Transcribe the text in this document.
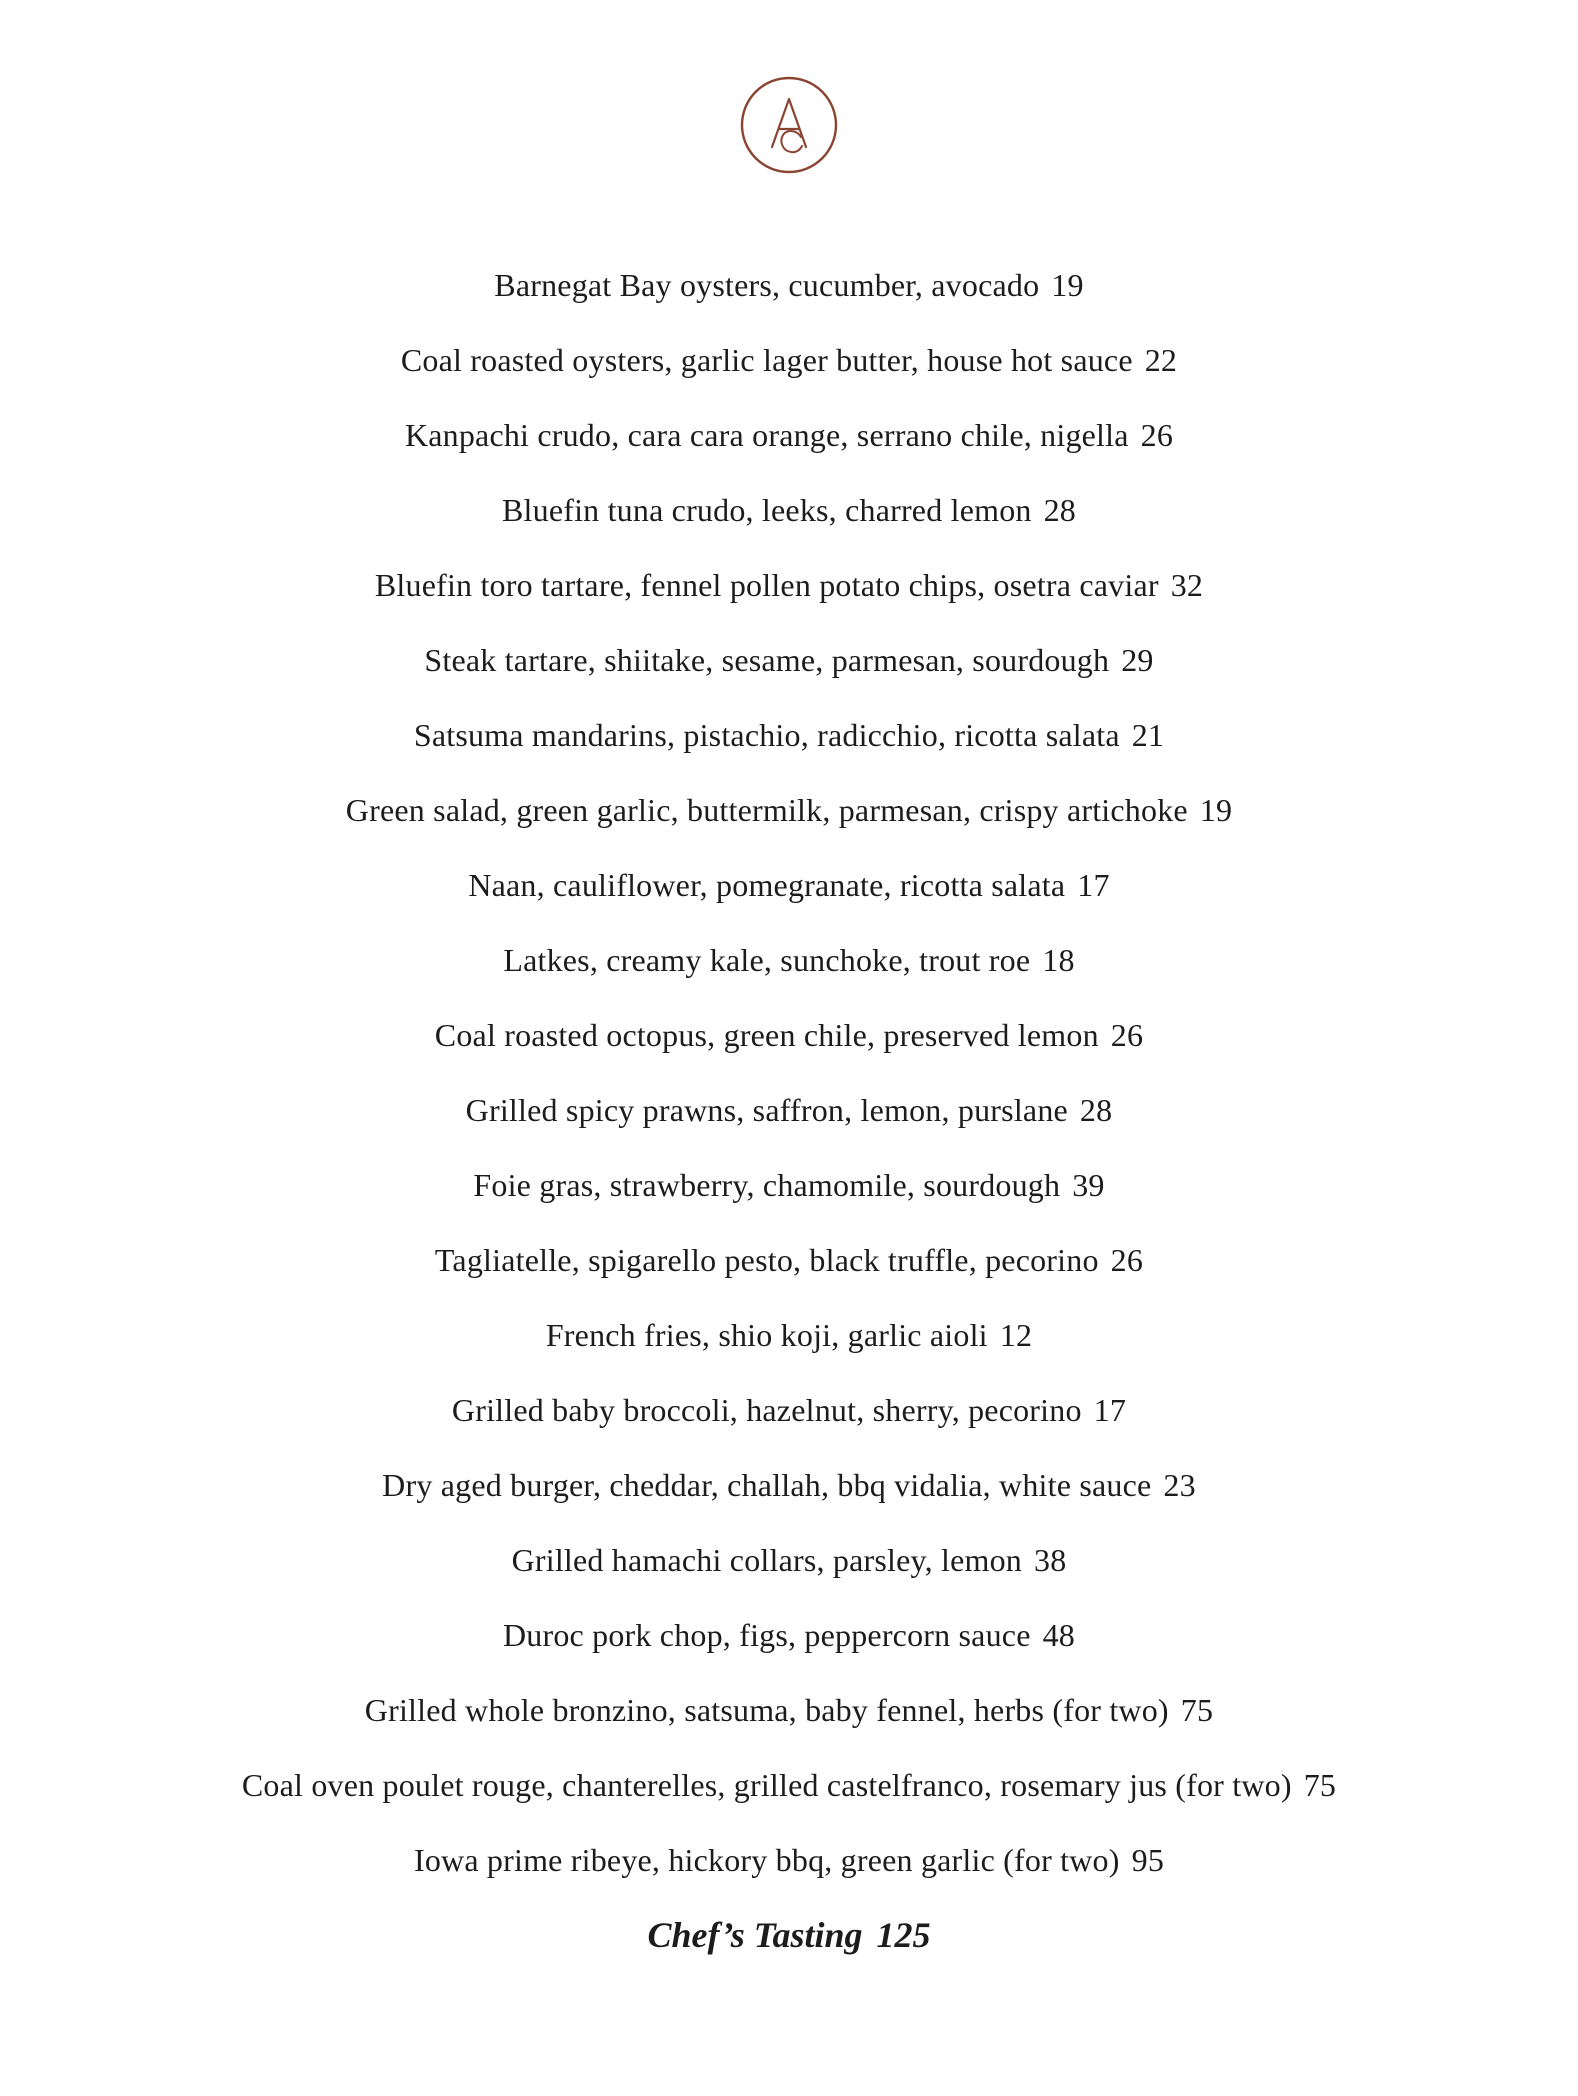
Barnegat Bay oysters, cucumber, avocado 19
Coal roasted oysters, garlic lager butter, house hot sauce 22
Kanpachi crudo, cara cara orange, serrano chile, nigella 26
Bluefin tuna crudo, leeks, charred lemon 28
Bluefin toro tartare, fennel pollen potato chips, osetra caviar 32
Steak tartare, shiitake, sesame, parmesan, sourdough 29
Satsuma mandarins, pistachio, radicchio, ricotta salata 21
Green salad, green garlic, buttermilk, parmesan, crispy artichoke 19
Naan, cauliflower, pomegranate, ricotta salata 17
Latkes, creamy kale, sunchoke, trout roe 18
Coal roasted octopus, green chile, preserved lemon 26
Grilled spicy prawns, saffron, lemon, purslane 28
Foie gras, strawberry, chamomile, sourdough 39
Tagliatelle, spigarello pesto, black truffle, pecorino 26
French fries, shio koji, garlic aioli 12
Grilled baby broccoli, hazelnut, sherry, pecorino 17
Dry aged burger, cheddar, challah, bbq vidalia, white sauce 23
Grilled hamachi collars, parsley, lemon 38
Duroc pork chop, figs, peppercorn sauce 48
Grilled whole bronzino, satsuma, baby fennel, herbs (for two) 75
Coal oven poulet rouge, chanterelles, grilled castelfranco, rosemary jus (for two) 75
Iowa prime ribeye, hickory bbq, green garlic (for two) 95
Chef’s Tasting 125
